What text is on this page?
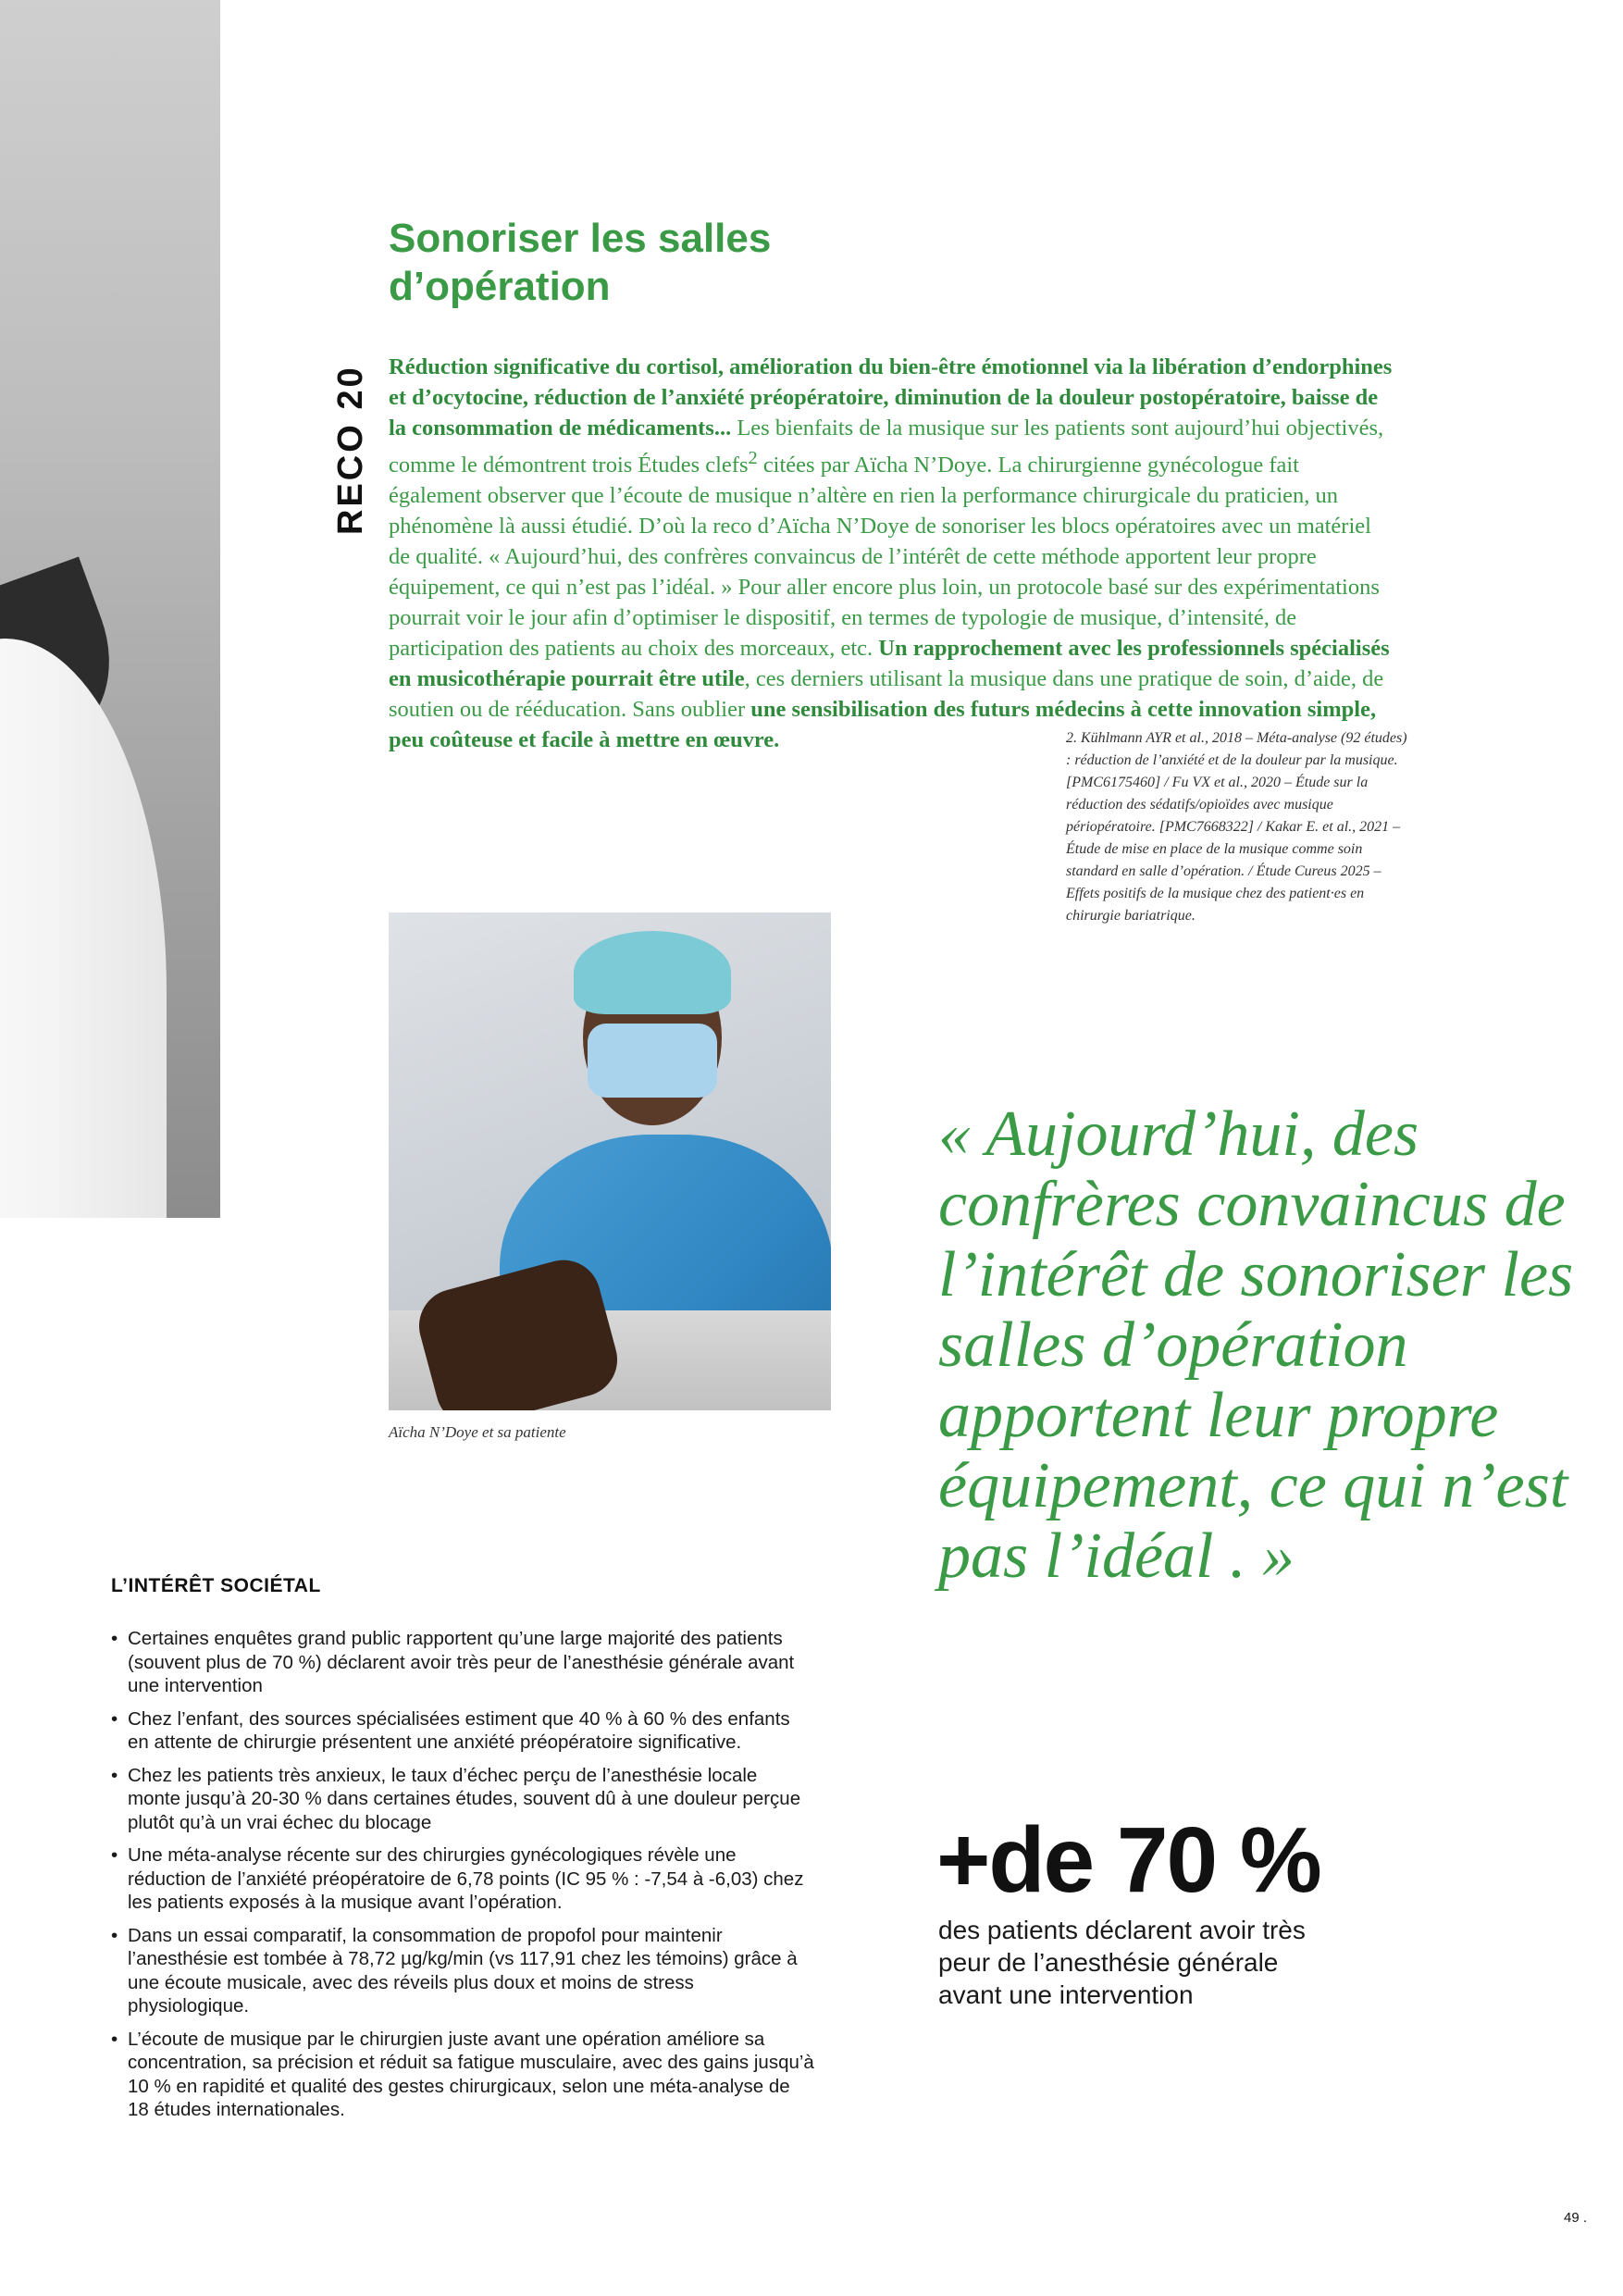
Sonoriser les salles
d’opération
RECO 20 Réduction significative du cortisol, amélioration du bien-être émotionnel via la libération d’endorphines et d’ocytocine, réduction de l’anxiété préopératoire, diminution de la douleur postopératoire, baisse de la consommation de médicaments... Les bienfaits de la musique sur les patients sont aujourd’hui objectivés, comme le démontrent trois Études clefs$^2$ citées par Aïcha N’Doye. La chirurgienne gynécologue fait également observer que l’écoute de musique n’altère en rien la performance chirurgicale du praticien, un phénomène là aussi étudié. D’où la reco d’Aïcha N’Doye de sonoriser les blocs opératoires avec un matériel de qualité. « Aujourd’hui, des confrères convaincus de l’intérêt de cette méthode apportent leur propre équipement, ce qui n’est pas l’idéal. » Pour aller encore plus loin, un protocole basé sur des expérimentations pourrait voir le jour afin d’optimiser le dispositif, en termes de typologie de musique, d’intensité, de participation des patients au choix des morceaux, etc. Un rapprochement avec les professionnels spécialisés en musicothérapie pourrait être utile, ces derniers utilisant la musique dans une pratique de soin, d’aide, de soutien ou de rééducation. Sans oublier une sensibilisation des futurs médecins à cette innovation simple, peu coûteuse et facile à mettre en œuvre.	2. Kühlmann AYR et al., 2018 – Méta-analyse (92 études) : réduction de l’anxiété et de la douleur par la musique. [PMC6175460] / Fu VX et al., 2020 – Étude sur la réduction des sédatifs/opioïdes avec musique périopératoire. [PMC7668322] / Kakar E. et al., 2021 – Étude de mise en place de la musique comme soin standard en salle d’opération. / Étude Cureus 2025 – Effets positifs de la musique chez des patient·es en chirurgie bariatrique.

Aïcha N’Doye et sa patiente

« Aujourd’hui, des confrères convaincus de l’intérêt de sonoriser les salles d’opération apportent leur propre équipement, ce qui n’est pas l’idéal . »

+de 70 %

des patients déclarent avoir très peur de l’anesthésie générale avant une intervention

L’INTÉRÊT SOCIÉTAL
• Certaines enquêtes grand public rapportent qu’une large majorité des patients (souvent plus de 70 %) déclarent avoir très peur de l’anesthésie générale avant une intervention
• Chez l’enfant, des sources spécialisées estiment que 40 % à 60 % des enfants en attente de chirurgie présentent une anxiété préopératoire significative.
• Chez les patients très anxieux, le taux d’échec perçu de l’anesthésie locale monte jusqu’à 20-30 % dans certaines études, souvent dû à une douleur perçue plutôt qu’à un vrai échec du blocage
• Une méta-analyse récente sur des chirurgies gynécologiques révèle une réduction de l’anxiété préopératoire de 6,78 points (IC 95 % : -7,54 à -6,03) chez les patients exposés à la musique avant l’opération.
• Dans un essai comparatif, la consommation de propofol pour maintenir l’anesthésie est tombée à 78,72 µg/kg/min (vs 117,91 chez les témoins) grâce à une écoute musicale, avec des réveils plus doux et moins de stress physiologique.
• L’écoute de musique par le chirurgien juste avant une opération améliore sa concentration, sa précision et réduit sa fatigue musculaire, avec des gains jusqu’à 10 % en rapidité et qualité des gestes chirurgicaux, selon une méta-analyse de 18 études internationales.

49 .
